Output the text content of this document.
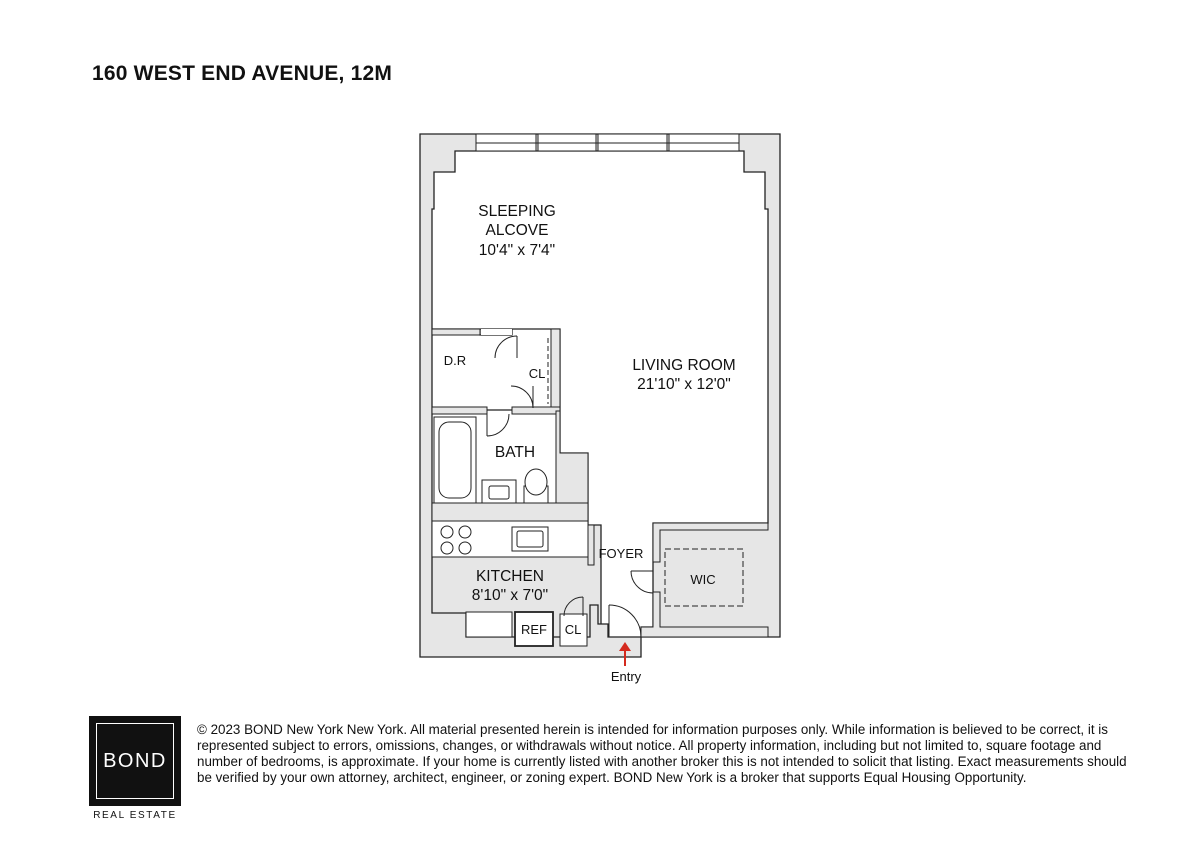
160 WEST END AVENUE, 12M
SLEEPING
ALCOVE
10'4" x 7'4"
LIVING ROOM
21'10" x 12'0"
D.R
CL
BATH
KITCHEN
8'10" x 7'0"
FOYER
WIC
REF CL
Entry
BOND
REAL ESTATE

© 2023 BOND New York New York. All material presented herein is intended for information purposes only. While information is believed to be correct, it is represented subject to errors, omissions, changes, or withdrawals without notice. All property information, including but not limited to, square footage and number of bedrooms, is approximate. If your home is currently listed with another broker this is not intended to solicit that listing. Exact measurements should be verified by your own attorney, architect, engineer, or zoning expert. BOND New York is a broker that supports Equal Housing Opportunity.
